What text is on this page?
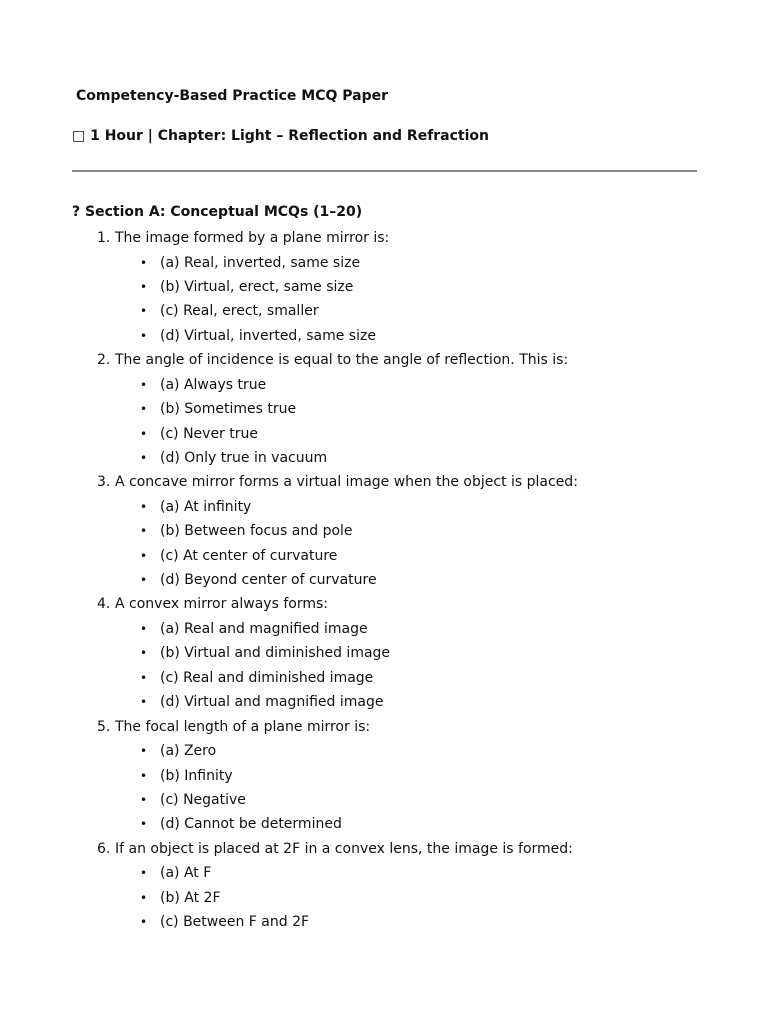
Competency-Based Practice MCQ Paper
□ 1 Hour | Chapter: Light – Reflection and Refraction
? Section A: Conceptual MCQs (1–20)
1. The image formed by a plane mirror is:
• (a) Real, inverted, same size
• (b) Virtual, erect, same size
• (c) Real, erect, smaller
• (d) Virtual, inverted, same size
2. The angle of incidence is equal to the angle of reflection. This is:
• (a) Always true
• (b) Sometimes true
• (c) Never true
• (d) Only true in vacuum
3. A concave mirror forms a virtual image when the object is placed:
• (a) At infinity
• (b) Between focus and pole
• (c) At center of curvature
• (d) Beyond center of curvature
4. A convex mirror always forms:
• (a) Real and magnified image
• (b) Virtual and diminished image
• (c) Real and diminished image
• (d) Virtual and magnified image
5. The focal length of a plane mirror is:
• (a) Zero
• (b) Infinity
• (c) Negative
• (d) Cannot be determined
6. If an object is placed at 2F in a convex lens, the image is formed:
• (a) At F
• (b) At 2F
• (c) Between F and 2F
